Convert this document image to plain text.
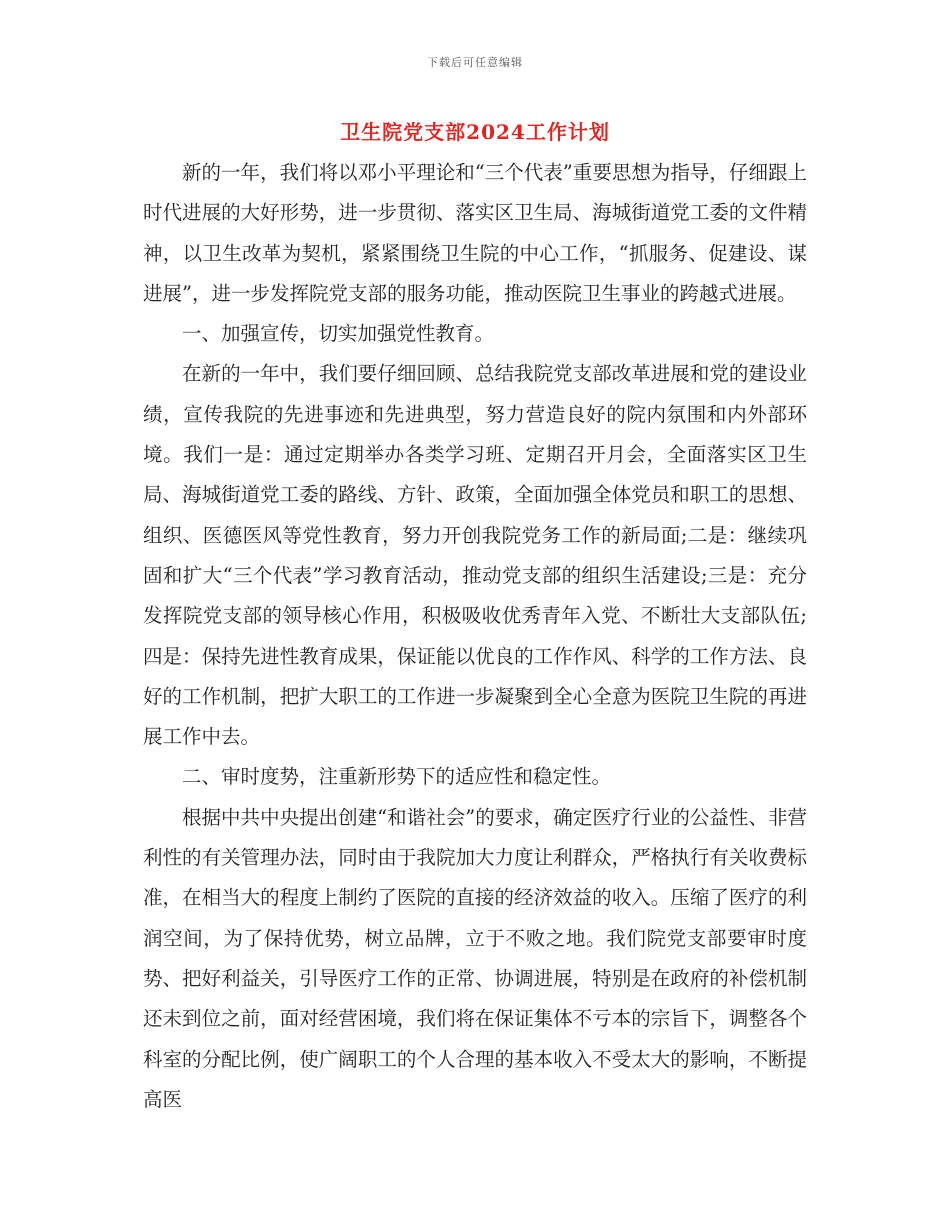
下载后可任意编辑
卫生院党支部2024工作计划

新的一年，我们将以邓小平理论和“三个代表”重要思想为指导，仔细跟上时代进展的大好形势，进一步贯彻、落实区卫生局、海城街道党工委的文件精神，以卫生改革为契机，紧紧围绕卫生院的中心工作，“抓服务、促建设、谋进展”，进一步发挥院党支部的服务功能，推动医院卫生事业的跨越式进展。

一、加强宣传，切实加强党性教育。

在新的一年中，我们要仔细回顾、总结我院党支部改革进展和党的建设业绩，宣传我院的先进事迹和先进典型，努力营造良好的院内氛围和内外部环境。我们一是：通过定期举办各类学习班、定期召开月会，全面落实区卫生局、海城街道党工委的路线、方针、政策，全面加强全体党员和职工的思想、组织、医德医风等党性教育，努力开创我院党务工作的新局面;二是：继续巩固和扩大“三个代表”学习教育活动，推动党支部的组织生活建设;三是：充分发挥院党支部的领导核心作用，积极吸收优秀青年入党、不断壮大支部队伍;四是：保持先进性教育成果，保证能以优良的工作作风、科学的工作方法、良好的工作机制，把扩大职工的工作进一步凝聚到全心全意为医院卫生院的再进展工作中去。

二、审时度势，注重新形势下的适应性和稳定性。

根据中共中央提出创建“和谐社会”的要求，确定医疗行业的公益性、非营利性的有关管理办法，同时由于我院加大力度让利群众，严格执行有关收费标准，在相当大的程度上制约了医院的直接的经济效益的收入。压缩了医疗的利润空间，为了保持优势，树立品牌，立于不败之地。我们院党支部要审时度势、把好利益关，引导医疗工作的正常、协调进展，特别是在政府的补偿机制还未到位之前，面对经营困境，我们将在保证集体不亏本的宗旨下，调整各个科室的分配比例，使广阔职工的个人合理的基本收入不受太大的影响，不断提高医
